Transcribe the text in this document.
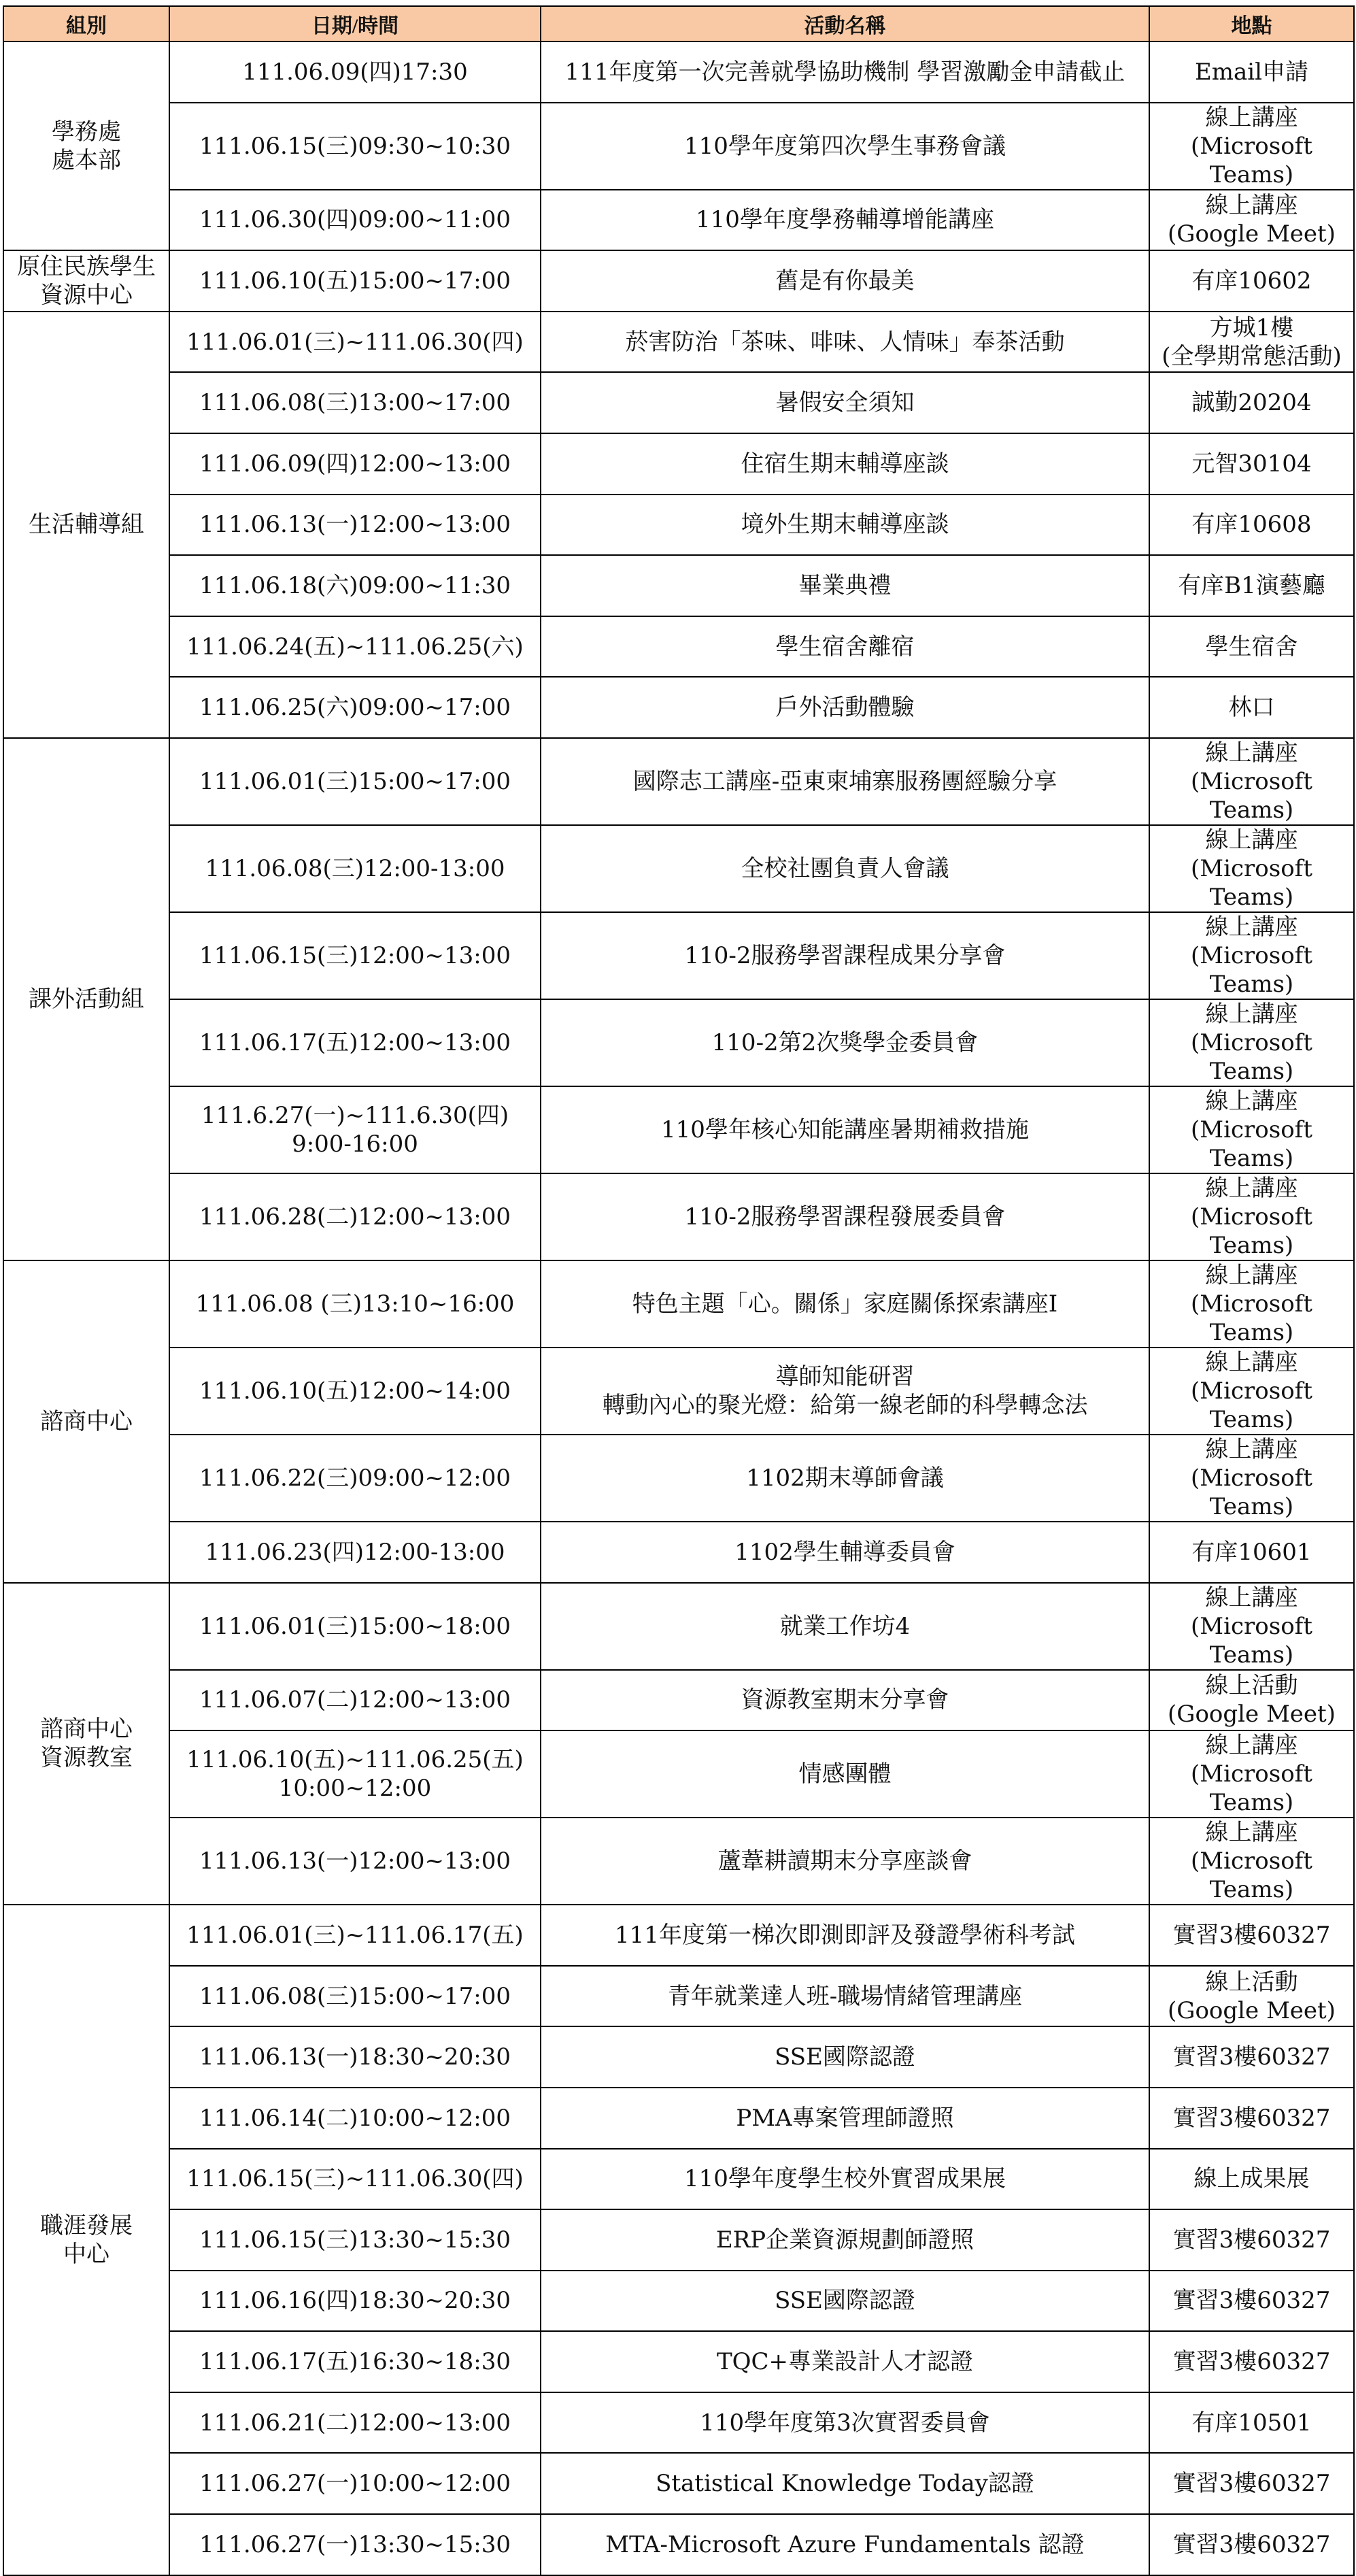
組別	日期/時間	活動名稱	地點

學務處
處本部	111.06.09(四)17:30	111年度第一次完善就學協助機制 學習激勵金申請截止	Email申請
	111.06.15(三)09:30~10:30	110學年度第四次學生事務會議	線上講座
(Microsoft Teams)

	111.06.30(四)09:00~11:00	110學年度學務輔導增能講座	線上講座
(Google Meet)

原住民族學生
資源中心	111.06.10(五)15:00~17:00	舊是有你最美	有庠10602
生活輔導組	111.06.01(三)~111.06.30(四)	菸害防治「茶味、啡味、人情味」奉茶活動	方城1樓
(全學期常態活動)

	111.06.08(三)13:00~17:00	暑假安全須知	誠勤20204
	111.06.09(四)12:00~13:00	住宿生期末輔導座談	元智30104
	111.06.13(一)12:00~13:00	境外生期末輔導座談	有庠10608
	111.06.18(六)09:00~11:30	畢業典禮	有庠B1演藝廳
	111.06.24(五)~111.06.25(六)	學生宿舍離宿	學生宿舍
	111.06.25(六)09:00~17:00	戶外活動體驗	林口
課外活動組	111.06.01(三)15:00~17:00	國際志工講座-亞東柬埔寨服務團經驗分享	線上講座
(Microsoft Teams)

	111.06.08(三)12:00-13:00	全校社團負責人會議	線上講座
(Microsoft Teams)

	111.06.15(三)12:00~13:00	110-2服務學習課程成果分享會	線上講座
(Microsoft Teams)

	111.06.17(五)12:00~13:00	110-2第2次獎學金委員會	線上講座
(Microsoft Teams)

	111.6.27(一)~111.6.30(四)
9:00-16:00	110學年核心知能講座暑期補救措施	線上講座
(Microsoft Teams)

	111.06.28(二)12:00~13:00	110-2服務學習課程發展委員會	線上講座
(Microsoft Teams)

諮商中心	111.06.08 (三)13:10~16:00	特色主題「心。關係」家庭關係探索講座I	線上講座
(Microsoft Teams)

	111.06.10(五)12:00~14:00	導師知能研習
轉動內心的聚光燈：給第一線老師的科學轉念法	線上講座
(Microsoft Teams)

	111.06.22(三)09:00~12:00	1102期末導師會議	線上講座
(Microsoft Teams)

	111.06.23(四)12:00-13:00	1102學生輔導委員會	有庠10601

諮商中心
資源教室	111.06.01(三)15:00~18:00	就業工作坊4	線上講座
(Microsoft Teams)

	111.06.07(二)12:00~13:00	資源教室期末分享會	線上活動
(Google Meet)

	111.06.10(五)~111.06.25(五)
10:00~12:00	情感團體	線上講座
(Microsoft Teams)

	111.06.13(一)12:00~13:00	蘆葦耕讀期末分享座談會	線上講座
(Microsoft Teams)

職涯發展
中心	111.06.01(三)~111.06.17(五)	111年度第一梯次即測即評及發證學術科考試	實習3樓60327
	111.06.08(三)15:00~17:00	青年就業達人班-職場情緒管理講座	線上活動
(Google Meet)

	111.06.13(一)18:30~20:30	SSE國際認證	實習3樓60327
	111.06.14(二)10:00~12:00	PMA專案管理師證照	實習3樓60327
	111.06.15(三)~111.06.30(四)	110學年度學生校外實習成果展	線上成果展
	111.06.15(三)13:30~15:30	ERP企業資源規劃師證照	實習3樓60327
	111.06.16(四)18:30~20:30	SSE國際認證	實習3樓60327
	111.06.17(五)16:30~18:30	TQC+專業設計人才認證	實習3樓60327
	111.06.21(二)12:00~13:00	110學年度第3次實習委員會	有庠10501
	111.06.27(一)10:00~12:00	Statistical Knowledge Today認證	實習3樓60327
	111.06.27(一)13:30~15:30	MTA-Microsoft Azure Fundamentals 認證	實習3樓60327
